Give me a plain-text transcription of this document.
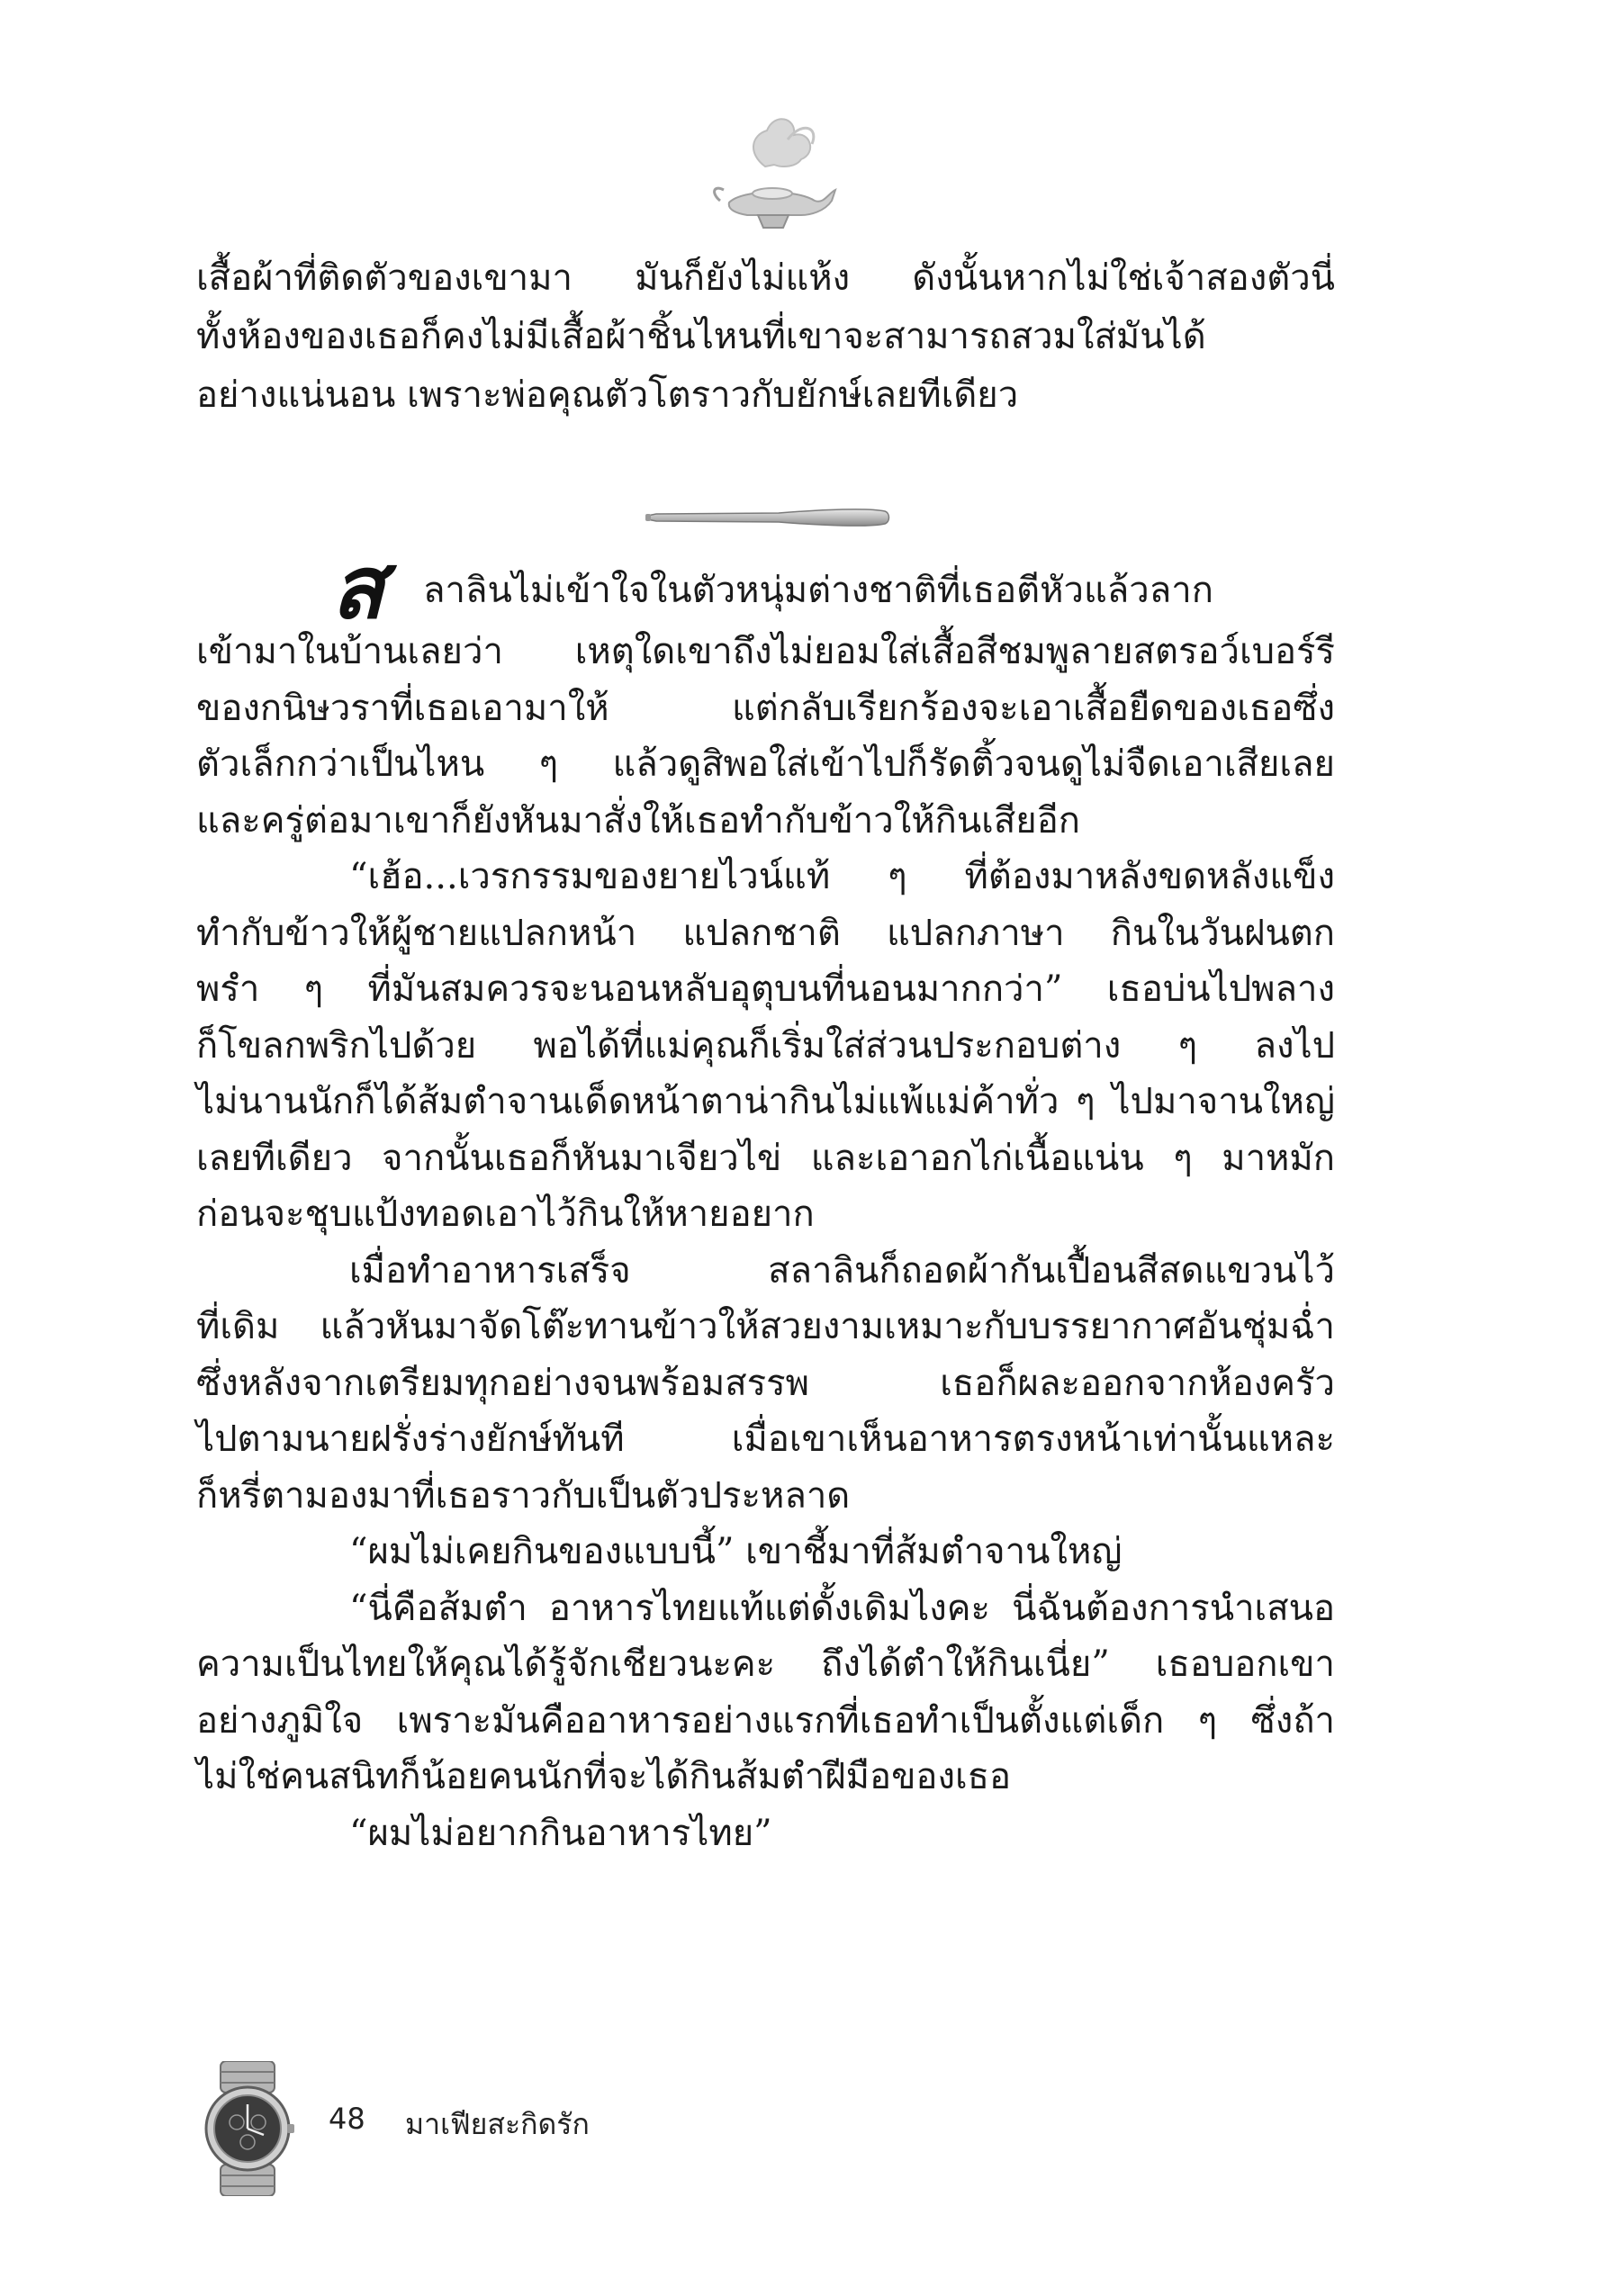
เสื้อผ้าที่ติดตัวของเขามา มันก็ยังไม่แห้ง ดังนั้นหากไม่ใช่เจ้าสองตัวนี่
ทั้งห้องของเธอก็คงไม่มีเสื้อผ้าชิ้นไหนที่เขาจะสามารถสวมใส่มันได้
อย่างแน่นอน เพราะพ่อคุณตัวโตราวกับยักษ์เลยทีเดียว
ส ลาลินไม่เข้าใจในตัวหนุ่มต่างชาติที่เธอตีหัวแล้วลาก
เข้ามาในบ้านเลยว่า เหตุใดเขาถึงไม่ยอมใส่เสื้อสีชมพูลายสตรอว์เบอร์รี
ของกนิษวราที่เธอเอามาให้ แต่กลับเรียกร้องจะเอาเสื้อยืดของเธอซึ่ง
ตัวเล็กกว่าเป็นไหน ๆ แล้วดูสิพอใส่เข้าไปก็รัดติ้วจนดูไม่จืดเอาเสียเลย
และครู่ต่อมาเขาก็ยังหันมาสั่งให้เธอทำกับข้าวให้กินเสียอีก
“เฮ้อ...เวรกรรมของยายไวน์แท้ ๆ ที่ต้องมาหลังขดหลังแข็ง
ทำกับข้าวให้ผู้ชายแปลกหน้า แปลกชาติ แปลกภาษา กินในวันฝนตก
พรำ ๆ ที่มันสมควรจะนอนหลับอุตุบนที่นอนมากกว่า” เธอบ่นไปพลาง
ก็โขลกพริกไปด้วย พอได้ที่แม่คุณก็เริ่มใส่ส่วนประกอบต่าง ๆ ลงไป
ไม่นานนักก็ได้ส้มตำจานเด็ดหน้าตาน่ากินไม่แพ้แม่ค้าทั่ว ๆ ไปมาจานใหญ่
เลยทีเดียว จากนั้นเธอก็หันมาเจียวไข่ และเอาอกไก่เนื้อแน่น ๆ มาหมัก
ก่อนจะชุบแป้งทอดเอาไว้กินให้หายอยาก
เมื่อทำอาหารเสร็จ สลาลินก็ถอดผ้ากันเปื้อนสีสดแขวนไว้
ที่เดิม แล้วหันมาจัดโต๊ะทานข้าวให้สวยงามเหมาะกับบรรยากาศอันชุ่มฉ่ำ
ซึ่งหลังจากเตรียมทุกอย่างจนพร้อมสรรพ เธอก็ผละออกจากห้องครัว
ไปตามนายฝรั่งร่างยักษ์ทันที เมื่อเขาเห็นอาหารตรงหน้าเท่านั้นแหละ
ก็หรี่ตามองมาที่เธอราวกับเป็นตัวประหลาด
“ผมไม่เคยกินของแบบนี้” เขาชี้มาที่ส้มตำจานใหญ่
“นี่คือส้มตำ อาหารไทยแท้แต่ดั้งเดิมไงคะ นี่ฉันต้องการนำเสนอ
ความเป็นไทยให้คุณได้รู้จักเชียวนะคะ ถึงได้ตำให้กินเนี่ย” เธอบอกเขา
อย่างภูมิใจ เพราะมันคืออาหารอย่างแรกที่เธอทำเป็นตั้งแต่เด็ก ๆ ซึ่งถ้า
ไม่ใช่คนสนิทก็น้อยคนนักที่จะได้กินส้มตำฝีมือของเธอ
“ผมไม่อยากกินอาหารไทย”
48 มาเฟียสะกิดรัก
